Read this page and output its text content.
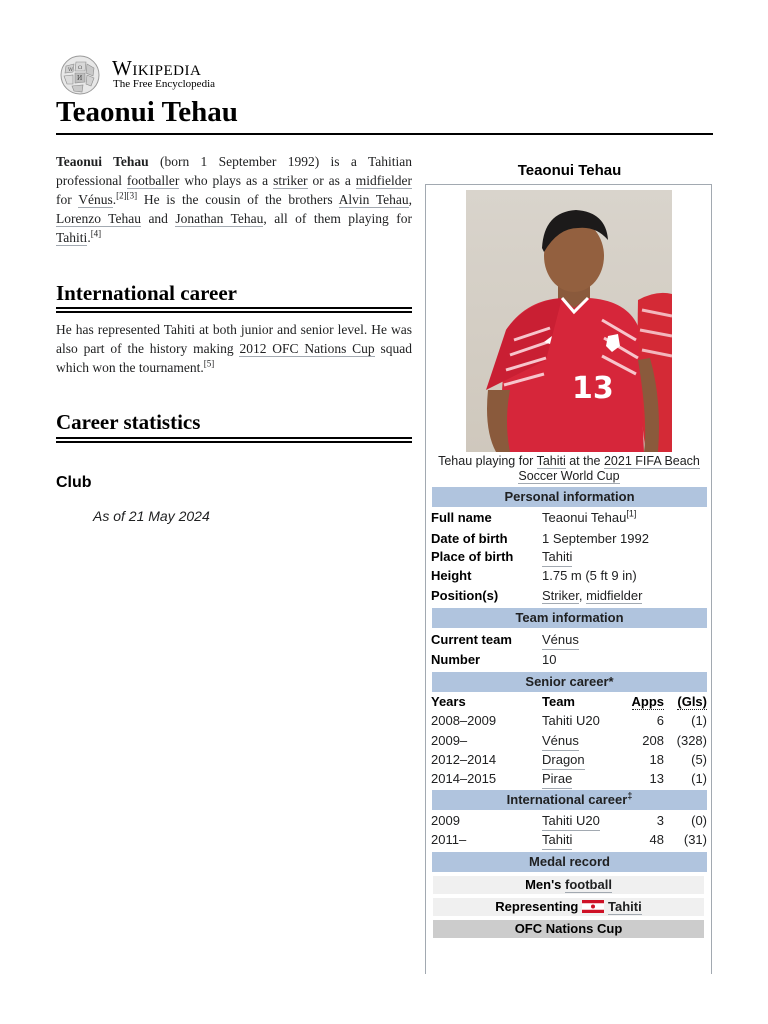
W Ω
И Wikipedia
The Free Encyclopedia
Teaonui Tehau
Teaonui Tehau (born 1 September 1992) is a Tahitian professional footballer who plays as a striker or as a midfielder for Vénus.[2][3] He is the cousin of the brothers Alvin Tehau, Lorenzo Tehau and Jonathan Tehau, all of them playing for Tahiti.[4]
International career
He has represented Tahiti at both junior and senior level. He was also part of the history making 2012 OFC Nations Cup squad which won the tournament.[5]
Career statistics
Club
As of 21 May 2024
Teaonui Tehau
13
Tehau playing for Tahiti at the 2021 FIFA Beach Soccer World Cup
Personal information
Full name	Teaonui Tehau[1]
Date of birth	1 September 1992
Place of birth Tahiti
Height	1.75 m (5 ft 9 in)
Position(s)	Striker, midfielder
Team information
Current team Vénus
Number	10
Senior career*
Years	Team	Apps (Gls)
2008–2009	Tahiti U20	6 (1)
2009–	Vénus	208 (328)
2012–2014	Dragon	18 (5)
2014–2015	Pirae	13 (1)
International career‡
2009	Tahiti U20	3 (0)
2011–	Tahiti	48 (31)
Medal record
Men's football
Representing Tahiti
OFC Nations Cup
